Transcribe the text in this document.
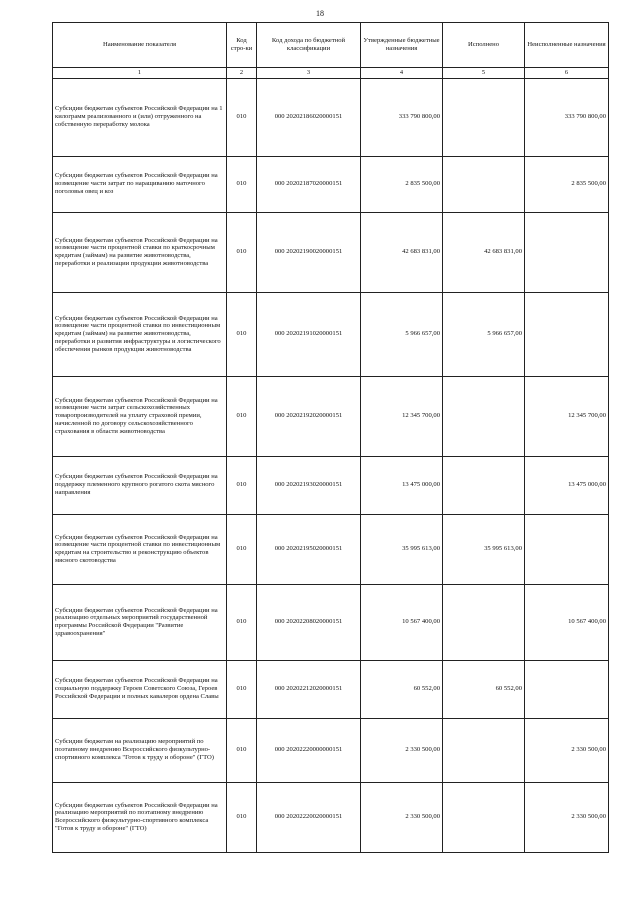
18
Наименование показателя	Код стро-ки	Код дохода по бюджетной классификации	Утвержденные бюджетные назначения	Исполнено	Неисполненные назначения
1	2	3	4	5	6
Субсидии бюджетам субъектов Российской Федерации на 1 килограмм реализованного и (или) отгруженного на собственную переработку молока	010	000 20202186020000151	333 790 800,00		333 790 800,00
Субсидии бюджетам субъектов Российской Федерации на возмещение части затрат по наращиванию маточного поголовья овец и коз	010	000 20202187020000151	2 835 500,00		2 835 500,00
Субсидии бюджетам субъектов Российской Федерации на возмещение части процентной ставки по краткосрочным кредитам (займам) на развитие животноводства, переработки и реализации продукции животноводства	010	000 20202190020000151	42 683 831,00	42 683 831,00	
Субсидии бюджетам субъектов Российской Федерации на возмещение части процентной ставки по инвестиционным кредитам (займам) на развитие животноводства, переработки и развития инфраструктуры и логистического обеспечения рынков продукции животноводства	010	000 20202191020000151	5 966 657,00	5 966 657,00	
Субсидии бюджетам субъектов Российской Федерации на возмещение части затрат сельскохозяйственных товаропроизводителей на уплату страховой премии, начисленной по договору сельскохозяйственного страхования в области животноводства	010	000 20202192020000151	12 345 700,00		12 345 700,00
Субсидии бюджетам субъектов Российской Федерации на поддержку племенного крупного рогатого скота мясного направления	010	000 20202193020000151	13 475 000,00		13 475 000,00
Субсидии бюджетам субъектов Российской Федерации на возмещение части процентной ставки по инвестиционным кредитам на строительство и реконструкцию объектов мясного скотоводства	010	000 20202195020000151	35 995 613,00	35 995 613,00	
Субсидии бюджетам субъектов Российской Федерации на реализацию отдельных мероприятий государственной программы Российской Федерации "Развитие здравоохранения"	010	000 20202208020000151	10 567 400,00		10 567 400,00
Субсидии бюджетам субъектов Российской Федерации на социальную поддержку Героев Советского Союза, Героев Российской Федерации и полных кавалеров ордена Славы	010	000 20202212020000151	60 552,00	60 552,00	
Субсидии бюджетам на реализацию мероприятий по поэтапному внедрению Всероссийского физкультурно-спортивного комплекса "Готов к труду и обороне" (ГТО)	010	000 20202220000000151	2 330 500,00		2 330 500,00
Субсидии бюджетам субъектов Российской Федерации на реализацию мероприятий по поэтапному внедрению Всероссийского физкультурно-спортивного комплекса "Готов к труду и обороне" (ГТО)	010	000 20202220020000151	2 330 500,00		2 330 500,00
